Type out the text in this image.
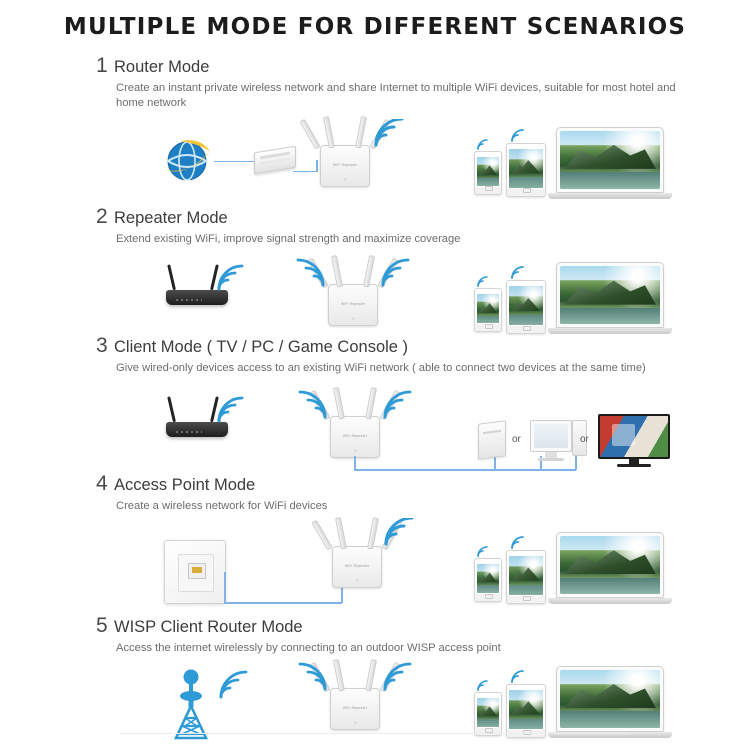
MULTIPLE MODE FOR DIFFERENT SCENARIOS
1 Router Mode
Create an instant private wireless network and share Internet to multiple WiFi devices, suitable for most hotel and home network
WiFi Repeater
2 Repeater Mode
Extend existing WiFi, improve signal strength and maximize coverage
WiFi Repeater
3 Client Mode ( TV / PC / Game Console )
Give wired-only devices access to an existing WiFi network ( able to connect two devices at the same time)
WiFi Repeater	or	or
4 Access Point Mode
Create a wireless network for WiFi devices
WiFi Repeater
5 WISP Client Router Mode
Access the internet wirelessly by connecting to an outdoor WISP access point
WiFi Repeater
